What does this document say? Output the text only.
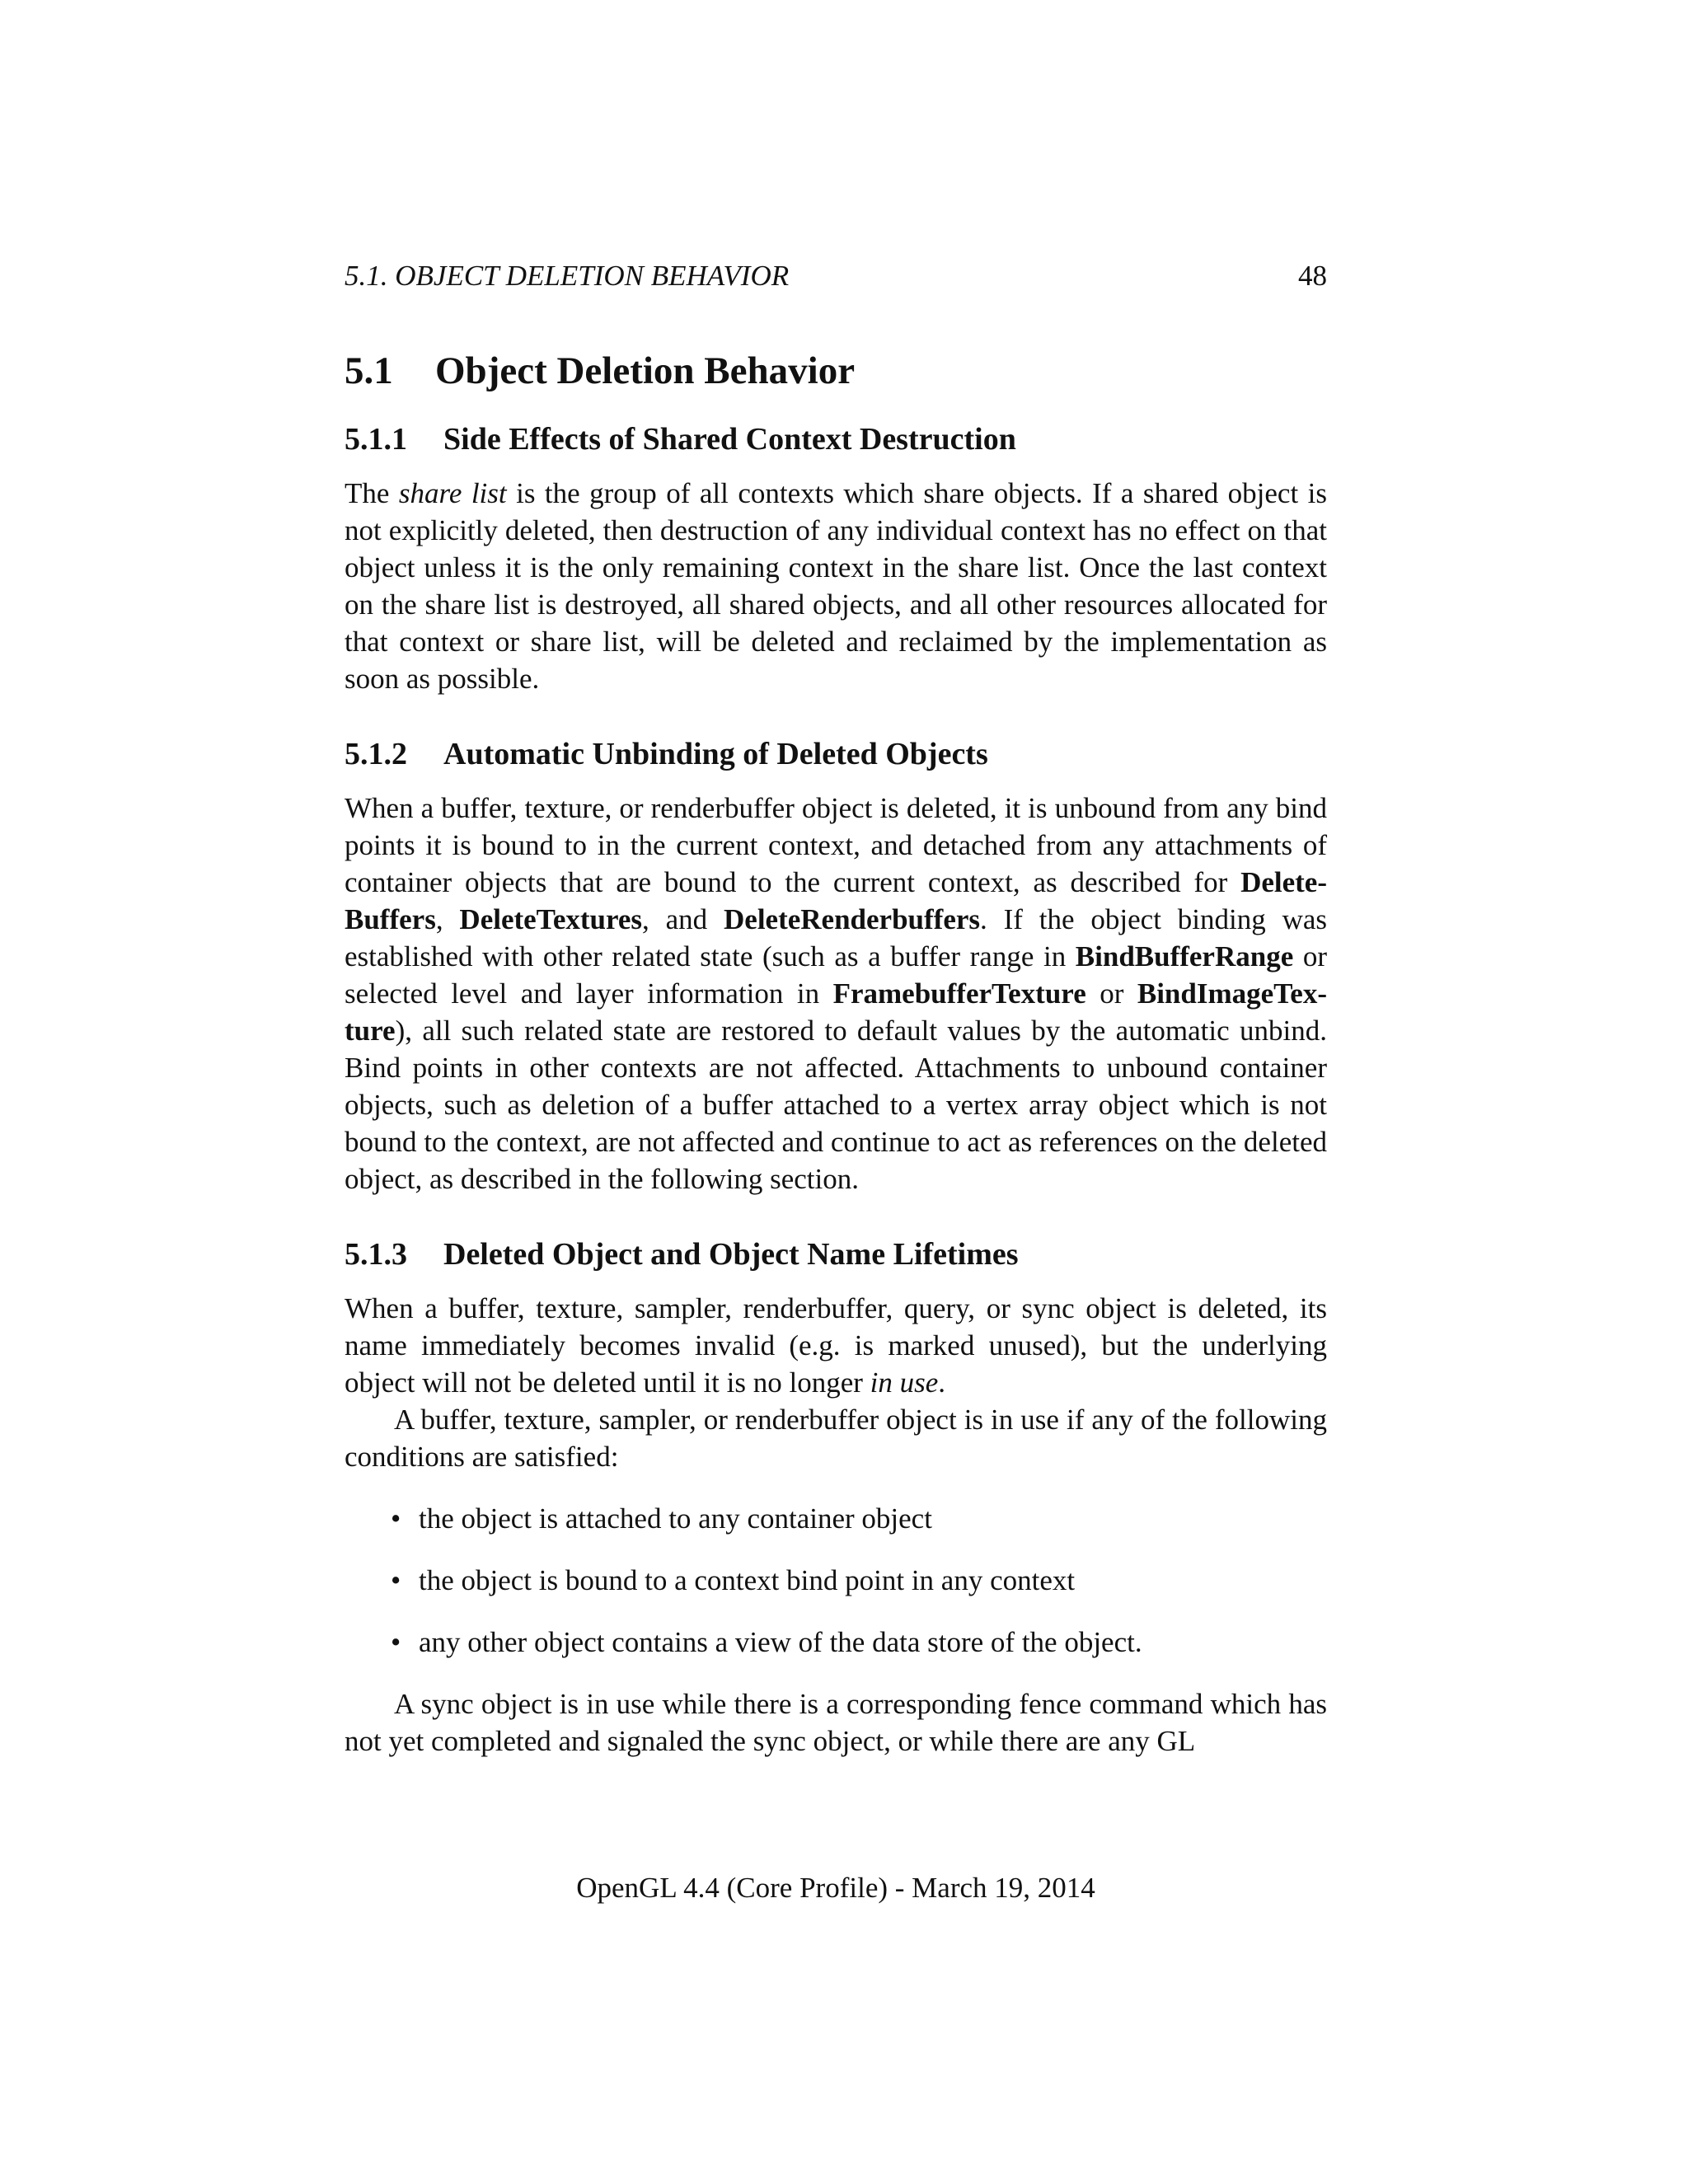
5.1. OBJECT DELETION BEHAVIOR	48
5.1 Object Deletion Behavior
5.1.1 Side Effects of Shared Context Destruction

The share list is the group of all contexts which share objects. If a shared object is not explicitly deleted, then destruction of any individual context has no effect on that object unless it is the only remaining context in the share list. Once the last context on the share list is destroyed, all shared objects, and all other resources allocated for that context or share list, will be deleted and reclaimed by the implementation as soon as possible.

5.1.2 Automatic Unbinding of Deleted Objects

When a buffer, texture, or renderbuffer object is deleted, it is unbound from any bind points it is bound to in the current context, and detached from any attachments of container objects that are bound to the current context, as described for DeleteBuffers, DeleteTextures, and DeleteRenderbuffers. If the object binding was established with other related state (such as a buffer range in BindBufferRange or selected level and layer information in FramebufferTexture or BindImageTexture), all such related state are restored to default values by the automatic unbind. Bind points in other contexts are not affected. Attachments to unbound container objects, such as deletion of a buffer attached to a vertex array object which is not bound to the context, are not affected and continue to act as references on the deleted object, as described in the following section.

5.1.3 Deleted Object and Object Name Lifetimes

When a buffer, texture, sampler, renderbuffer, query, or sync object is deleted, its name immediately becomes invalid (e.g. is marked unused), but the underlying object will not be deleted until it is no longer in use.

A buffer, texture, sampler, or renderbuffer object is in use if any of the following conditions are satisfied:

• the object is attached to any container object
• the object is bound to a context bind point in any context
• any other object contains a view of the data store of the object.

A sync object is in use while there is a corresponding fence command which has not yet completed and signaled the sync object, or while there are any GL

OpenGL 4.4 (Core Profile) - March 19, 2014
